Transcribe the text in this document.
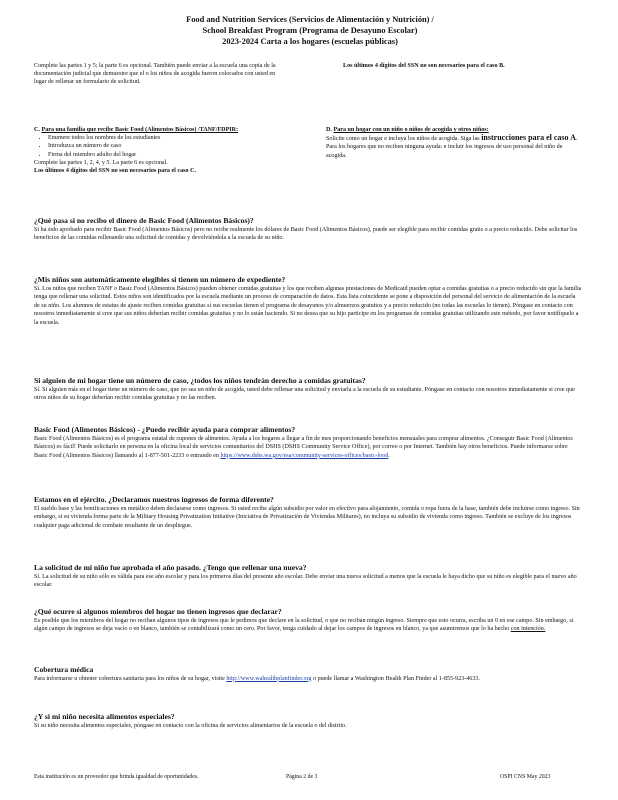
Food and Nutrition Services (Servicios de Alimentación y Nutrición) /
School Breakfast Program (Programa de Desayuno Escolar)
2023-2024 Carta a los hogares (escuelas públicas)
Complete las partes 1 y 5; la parte 6 es opcional. También puede enviar a la escuela una copia de la documentación judicial que demuestre que el o los niños de acogida fueron colocados con usted en lugar de rellenar un formulario de solicitud.
Los últimos 4 dígitos del SSN no son necesarios para el caso B.

C. Para una familia que recibe Basic Food (Alimentos Básicos) /TANF/FDPIR:

• Enumere todos los nombres de los estudiantes
• Introduzca un número de caso
• Firma del miembro adulto del hogar

Complete las partes 1, 2, 4, y 5. La parte 6 es opcional.

Los últimos 4 dígitos del SSN no son necesarios para el caso C.

D. Para un hogar con un niño o niños de acogida y otros niños:

Solicite como un hogar e incluya los niños de acogida. Siga las instrucciones para el caso A. Para los hogares que no reciben ninguna ayuda: e incluir los ingresos de uso personal del niño de acogida.

¿Qué pasa si no recibo el dinero de Basic Food (Alimentos Básicos)?

Si ha sido aprobado para recibir Basic Food (Alimentos Básicos) pero no recibe realmente los dólares de Basic Food (Alimentos Básicos), puede ser elegible para recibir comidas gratis o a precio reducido. Debe solicitar los beneficios de las comidas rellenando una solicitud de comidas y devolviéndola a la escuela de su niño.

¿Mis niños son automáticamente elegibles si tienen un número de expediente?

Sí. Los niños que reciben TANF o Basic Food (Alimentos Básicos) pueden obtener comidas gratuitas y los que reciben algunas prestaciones de Medicaid pueden optar a comidas gratuitas o a precio reducido sin que la familia tenga que rellenar una solicitud. Estos niños son identificados por la escuela mediante un proceso de comparación de datos. Esta lista coincidente se pone a disposición del personal del servicio de alimentación de la escuela de su niño. Los alumnos de estatus de ajuste reciben comidas gratuitas si sus escuelas tienen el programa de desayunos y/o almuerzos gratuitos y a precio reducido (no todas las escuelas lo tienen). Póngase en contacto con nosotros inmediatamente si cree que sus niños deberían recibir comidas gratuitas y no lo están haciendo. Si no desea que su hijo participe en los programas de comidas gratuitas utilizando este método, por favor notifíquelo a la escuela.

Si alguien de mi hogar tiene un número de caso, ¿todos los niños tendrán derecho a comidas gratuitas?

Sí. Si alguien más en el hogar tiene un número de caso, que no sea un niño de acogida, usted debe rellenar una solicitud y enviarla a la escuela de su estudiante. Póngase en contacto con nosotros inmediatamente si cree que otros niños de su hogar deberían recibir comidas gratuitas y no las reciben.

Basic Food (Alimentos Básicos) - ¿Puedo recibir ayuda para comprar alimentos?

Basic Food (Alimentos Básicos) es el programa estatal de cupones de alimentos. Ayuda a los hogares a llegar a fin de mes proporcionando beneficios mensuales para comprar alimentos. ¿Conseguir Basic Food (Alimentos Básicos) es fácil! Puede solicitarlo en persona en la oficina local de servicios comunitarios del DSHS (DSHS Community Service Office), por correo o por Internet. También hay otros beneficios. Puede informarse sobre Basic Food (Alimentos Básicos) llamando al 1-877-501-2233 o entrando en https://www.dshs.wa.gov/esa/community-services-offices/basic-food.

Estamos en el ejército. ¿Declaramos nuestros ingresos de forma diferente?

El sueldo base y las bonificaciones en metálico deben declararse como ingresos. Si usted recibe algún subsidio por valor en efectivo para alojamiento, comida o ropa fuera de la base, también debe incluirse como ingreso. Sin embargo, si su vivienda forma parte de la Military Housing Privatization Initiative (Iniciativa de Privatización de Viviendas Militares), no incluya su subsidio de vivienda como ingreso. También se excluye de los ingresos cualquier paga adicional de combate resultante de un despliegue.

La solicitud de mi niño fue aprobada el año pasado. ¿Tengo que rellenar una nueva?

Sí. La solicitud de su niño sólo es válida para ese año escolar y para los primeros días del presente año escolar. Debe enviar una nueva solicitud a menos que la escuela le haya dicho que su niño es elegible para el nuevo año escolar.

¿Qué ocurre si algunos miembros del hogar no tienen ingresos que declarar?

Es posible que los miembros del hogar no reciban algunos tipos de ingresos que le pedimos que declare en la solicitud, o que no reciban ningún ingreso. Siempre que esto ocurra, escriba un 0 en ese campo. Sin embargo, si algún campo de ingresos se deja vacío o en blanco, también se contabilizará como un cero. Por favor, tenga cuidado al dejar los campos de ingresos en blanco, ya que asumiremos que lo ha hecho con intención.

Cobertura médica

Para informarse u obtener cobertura sanitaria para los niños de su hogar, visite http://www.wahealthplanfinder.org o puede llamar a Washington Health Plan Finder al 1-855-923-4633.

¿Y si mi niño necesita alimentos especiales?

Si su niño necesita alimentos especiales, póngase en contacto con la oficina de servicios alimentarios de la escuela o del distrito.

Esta institución es un proveedor que brinda igualdad de oportunidades.	Página 2 de 3	OSPI CNS May 2023
